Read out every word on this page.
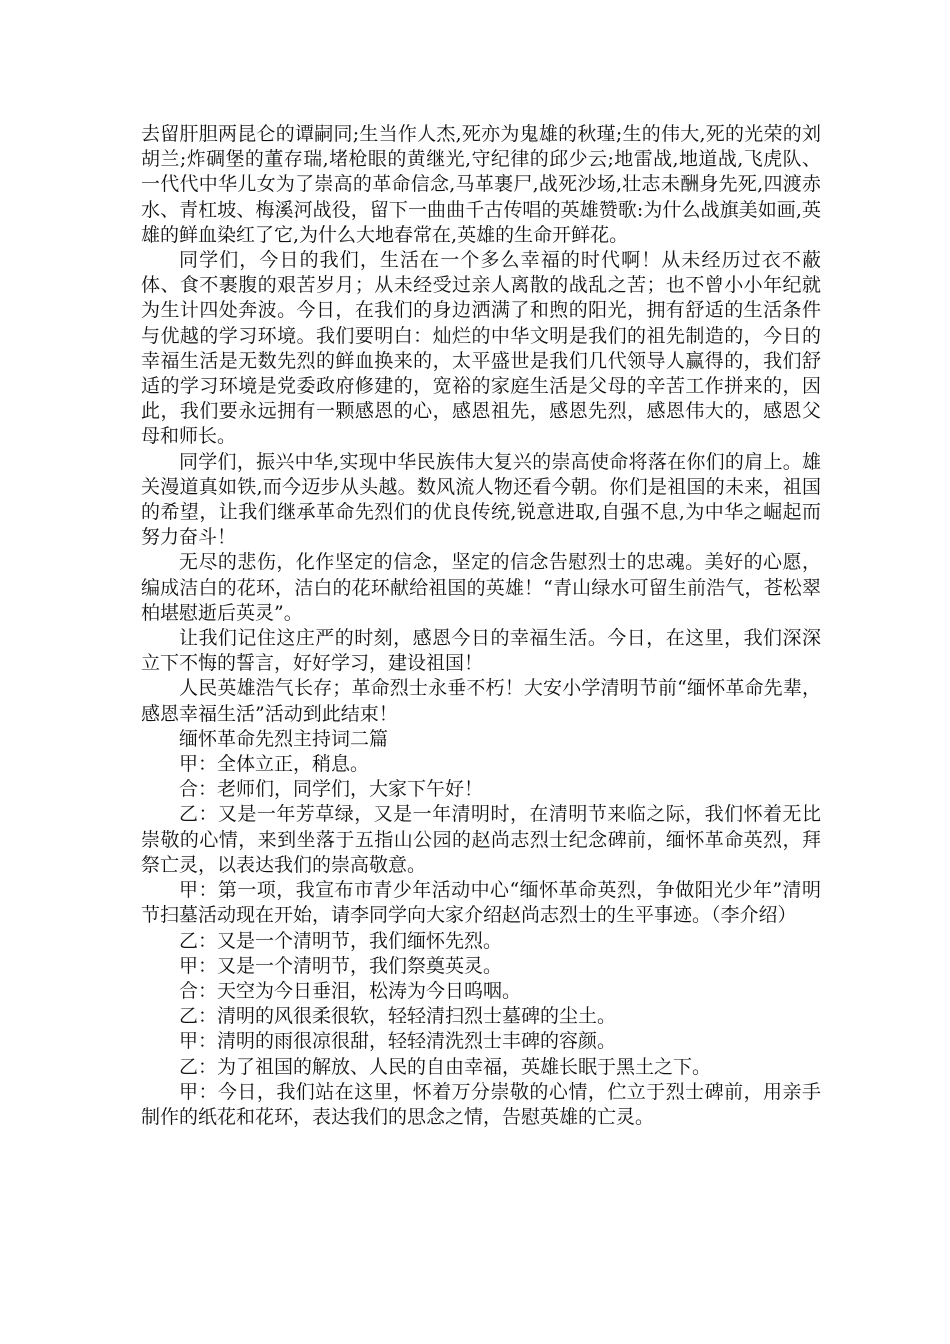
去留肝胆两昆仑的谭嗣同;生当作人杰,死亦为鬼雄的秋瑾;生的伟大,死的光荣的刘胡兰;炸碉堡的董存瑞,堵枪眼的黄继光,守纪律的邱少云;地雷战,地道战,飞虎队、一代代中华儿女为了崇高的革命信念,马革裹尸,战死沙场,壮志未酬身先死,四渡赤水、青杠坡、梅溪河战役，留下一曲曲千古传唱的英雄赞歌:为什么战旗美如画,英雄的鲜血染红了它,为什么大地春常在,英雄的生命开鲜花。

同学们，今日的我们，生活在一个多么幸福的时代啊！从未经历过衣不蔽体、食不裹腹的艰苦岁月；从未经受过亲人离散的战乱之苦；也不曾小小年纪就为生计四处奔波。今日，在我们的身边洒满了和煦的阳光，拥有舒适的生活条件与优越的学习环境。我们要明白：灿烂的中华文明是我们的祖先制造的，今日的幸福生活是无数先烈的鲜血换来的，太平盛世是我们几代领导人赢得的，我们舒适的学习环境是党委政府修建的，宽裕的家庭生活是父母的辛苦工作拼来的，因此，我们要永远拥有一颗感恩的心，感恩祖先，感恩先烈，感恩伟大的，感恩父母和师长。

同学们，振兴中华,实现中华民族伟大复兴的崇高使命将落在你们的肩上。雄关漫道真如铁,而今迈步从头越。数风流人物还看今朝。你们是祖国的未来，祖国的希望，让我们继承革命先烈们的优良传统,锐意进取,自强不息,为中华之崛起而努力奋斗！

无尽的悲伤，化作坚定的信念，坚定的信念告慰烈士的忠魂。美好的心愿，编成洁白的花环，洁白的花环献给祖国的英雄！“青山绿水可留生前浩气，苍松翠柏堪慰逝后英灵”。

让我们记住这庄严的时刻，感恩今日的幸福生活。今日，在这里，我们深深立下不悔的誓言，好好学习，建设祖国！

人民英雄浩气长存；革命烈士永垂不朽！大安小学清明节前“缅怀革命先辈，感恩幸福生活”活动到此结束！

缅怀革命先烈主持词二篇

甲：全体立正，稍息。

合：老师们，同学们，大家下午好！

乙：又是一年芳草绿，又是一年清明时，在清明节来临之际，我们怀着无比崇敬的心情，来到坐落于五指山公园的赵尚志烈士纪念碑前，缅怀革命英烈，拜祭亡灵，以表达我们的崇高敬意。

甲：第一项，我宣布市青少年活动中心“缅怀革命英烈，争做阳光少年”清明节扫墓活动现在开始，请李同学向大家介绍赵尚志烈士的生平事迹。（李介绍）

乙：又是一个清明节，我们缅怀先烈。

甲：又是一个清明节，我们祭奠英灵。

合：天空为今日垂泪，松涛为今日呜咽。

乙：清明的风很柔很软，轻轻清扫烈士墓碑的尘土。

甲：清明的雨很凉很甜，轻轻清洗烈士丰碑的容颜。

乙：为了祖国的解放、人民的自由幸福，英雄长眠于黑土之下。

甲：今日，我们站在这里，怀着万分崇敬的心情，伫立于烈士碑前，用亲手制作的纸花和花环，表达我们的思念之情，告慰英雄的亡灵。
